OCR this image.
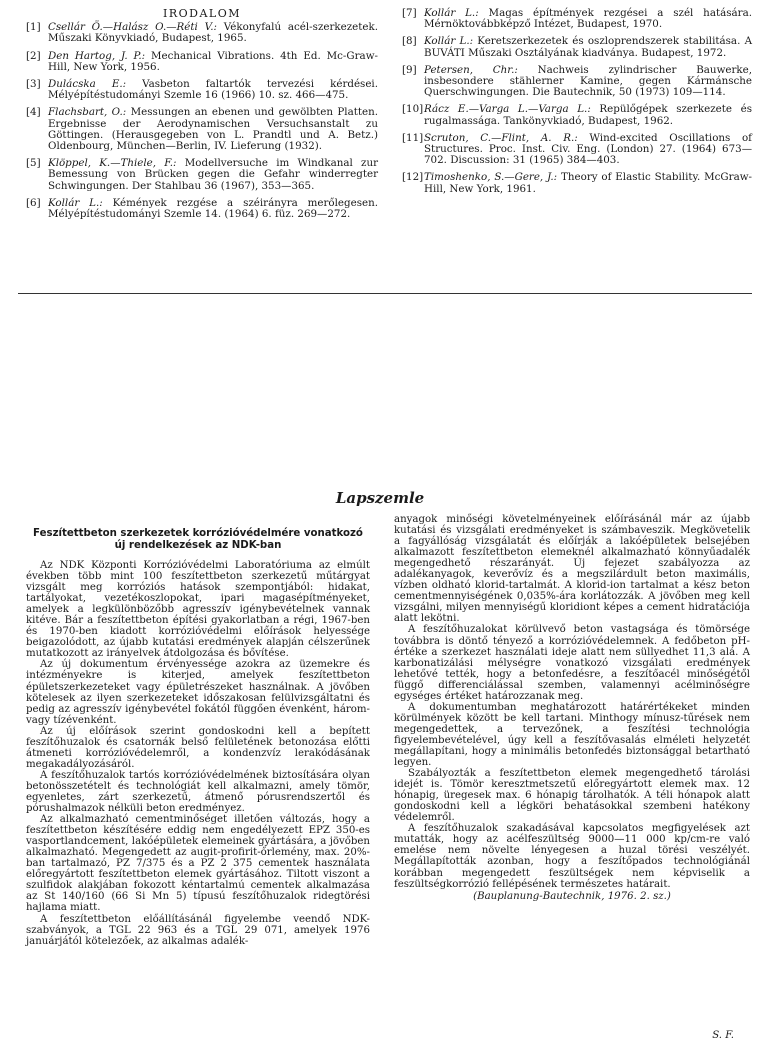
IRODALOM
[1] Csellár Ö.—Halász O.—Réti V.: Vékonyfalú acél-szerkezetek. Műszaki Könyvkiadó, Budapest, 1965.
[2] Den Hartog, J. P.: Mechanical Vibrations. 4th Ed. Mc-Graw-Hill, New York, 1956.
[3] Dulácska E.: Vasbeton faltartók tervezési kérdései. Mélyépítéstudományi Szemle 16 (1966) 10. sz. 466—475.
[4] Flachsbart, O.: Messungen an ebenen und gewölbten Platten. Ergebnisse der Aerodynamischen Versuchsanstalt zu Göttingen. (Herausgegeben von L. Prandtl und A. Betz.) Oldenbourg, München—Berlin, IV. Lieferung (1932).
[5] Klöppel, K.—Thiele, F.: Modellversuche im Windkanal zur Bemessung von Brücken gegen die Gefahr winderregter Schwingungen. Der Stahlbau 36 (1967), 353—365.
[6] Kollár L.: Kémények rezgése a széirányra merőlegesen. Mélyépítéstudományi Szemle 14. (1964) 6. füz. 269—272.
[7] Kollár L.: Magas építmények rezgései a szél hatására. Mérnöktovábbképző Intézet, Budapest, 1970.
[8] Kollár L.: Keretszerkezetek és oszloprendszerek stabilitása. A BUVÁTI Műszaki Osztályának kiadványa. Budapest, 1972.
[9] Petersen, Chr.: Nachweis zylindrischer Bauwerke, insbesondere stählerner Kamine, gegen Kármánsche Querschwingungen. Die Bautechnik, 50 (1973) 109—114.
[10] Rácz E.—Varga L.—Varga L.: Repülőgépek szerkezete és rugalmassága. Tankönyvkiadó, Budapest, 1962.
[11] Scruton, C.—Flint, A. R.: Wind-excited Oscillations of Structures. Proc. Inst. Civ. Eng. (London) 27. (1964) 673—702. Discussion: 31 (1965) 384—403.
[12] Timoshenko, S.—Gere, J.: Theory of Elastic Stability. McGraw-Hill, New York, 1961.
Lapszemle
Feszítettbeton szerkezetek korrózióvédelmére vonatkozó
új rendelkezések az NDK-ban

Az NDK Központi Korrózióvédelmi Laboratóriuma az elmúlt években több mint 100 feszítettbeton szerkezetű műtárgyat vizsgált meg korróziós hatások szempontjából: hidakat, tartályokat, vezetékoszlopokat, ipari magasépítményeket, amelyek a legkülönbözőbb agresszív igénybevételnek vannak kitéve. Bár a feszítettbeton építési gyakorlatban a régi, 1967-ben és 1970-ben kiadott korrózióvédelmi előírások helyessége beigazolódott, az újabb kutatási eredmények alapján célszerűnek mutatkozott az irányelvek átdolgozása és bővítése.

Az új dokumentum érvényessége azokra az üzemekre és intézményekre is kiterjed, amelyek feszítettbeton épületszerkezeteket vagy épületrészeket használnak. A jövőben kötelesek az ilyen szerkezeteket időszakosan felülvizsgáltatni és pedig az agresszív igénybevétel fokától függően évenként, három- vagy tízévenként.

Az új előírások szerint gondoskodni kell a bepített feszítőhuzalok és csatornák belső felületének betonozása előtti átmeneti korrózióvédelemről, a kondenzvíz lerakódásának megakadályozásáról.

A feszítőhuzalok tartós korrózióvédelmének biztosítására olyan betonösszetételt és technológiát kell alkalmazni, amely tömör, egyenletes, zárt szerkezetű, átmenő pórusrendszertől és pórushalmazok nélküli beton eredményez.

Az alkalmazható cementminőséget illetően változás, hogy a feszítettbeton készítésére eddig nem engedélyezett EPZ 350-es vasportlandcement, lakóépületek elemeinek gyártására, a jövőben alkalmazható. Megengedett az augit-profirit-őrlemény, max. 20%-ban tartalmazó, PZ 7/375 és a PZ 2 375 cementek használata előregyártott feszítettbeton elemek gyártásához. Tiltott viszont a szulfidok alakjában fokozott kéntartalmú cementek alkalmazása az St 140/160 (66 Si Mn 5) típusú feszítőhuzalok ridegtörési hajlama miatt.

A feszítettbeton előállításánál figyelembe veendő NDK-szabványok, a TGL 22 963 és a TGL 29 071, amelyek 1976 januárjától kötelezőek, az alkalmas adalék-

anyagok minőségi követelményeinek előírásánál már az újabb kutatási és vizsgálati eredményeket is számbaveszik. Megkövetelik a fagyállóság vizsgálatát és előírják a lakóépületek belsejében alkalmazott feszítettbeton elemeknél alkalmazható könnyűadalék megengedhető részarányát. Új fejezet szabályozza az adalékanyagok, keverővíz és a megszilárdult beton maximális, vízben oldható klorid-tartalmát. A klorid-ion tartalmat a kész beton cementmennyiségének 0,035%-ára korlátozzák. A jövőben meg kell vizsgálni, milyen mennyiségű kloridiont képes a cement hidratációja alatt lekötni.

A feszítőhuzalokat körülvevő beton vastagsága és tömörsége továbbra is döntő tényező a korrózióvédelemnek. A fedőbeton pH-értéke a szerkezet használati ideje alatt nem süllyedhet 11,3 alá. A karbonatizálási mélységre vonatkozó vizsgálati eredmények lehetővé tették, hogy a betonfedésre, a feszítőacél minőségétől függő differenciálással szemben, valamennyi acélminőségre egységes értéket határozzanak meg.

A dokumentumban meghatározott határértékeket minden körülmények között be kell tartani. Minthogy mínusz-tűrések nem megengedettek, a tervezőnek, a feszítési technológia figyelembevételével, úgy kell a feszítővasalás elméleti helyzetét megállapítani, hogy a minimális betonfedés biztonsággal betartható legyen.

Szabályozták a feszítettbeton elemek megengedhető tárolási idejét is. Tömör keresztmetszetű előregyártott elemek max. 12 hónapig, üregesek max. 6 hónapig tárolhatók. A téli hónapok alatt gondoskodni kell a légköri behatásokkal szembeni hatékony védelemről.

A feszítőhuzalok szakadásával kapcsolatos megfigyelések azt mutatták, hogy az acélfeszültség 9000—11 000 kp/cm-re való emelése nem növelte lényegesen a huzal törési veszélyét. Megállapították azonban, hogy a feszítőpados technológiánál korábban megengedett feszültségek nem képviselik a feszültségkorrózió fellépésének természetes határait.

(Bauplanung-Bautechnik, 1976. 2. sz.)
S. F.
